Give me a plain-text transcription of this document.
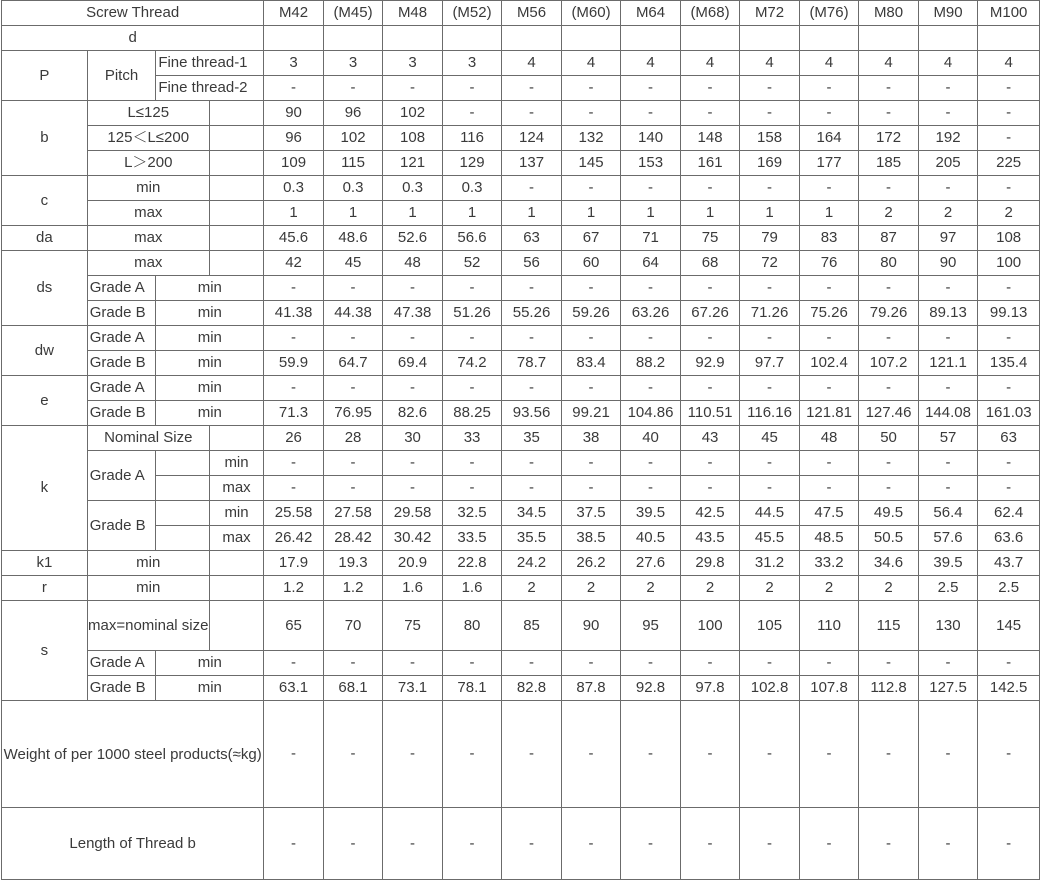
Screw Thread				M42	(M45)	M48	(M52)	M56	(M60)	M64	(M68)	M72	(M76)	M80	M90	M100
d																
P	Pitch	Fine thread-1		3	3	3	3	4	4	4	4	4	4	4	4	4
		Fine thread-2		-	-	-	-	-	-	-	-	-	-	-	-	-
b	L≤125			90	96	102	-	-	-	-	-	-	-	-	-	-
	125＜L≤200			96	102	108	116	124	132	140	148	158	164	172	192	-
	L＞200			109	115	121	129	137	145	153	161	169	177	185	205	225
c	min			0.3	0.3	0.3	0.3	-	-	-	-	-	-	-	-	-
	max			1	1	1	1	1	1	1	1	1	1	2	2	2
da	max			45.6	48.6	52.6	56.6	63	67	71	75	79	83	87	97	108
ds	max			42	45	48	52	56	60	64	68	72	76	80	90	100
	Grade A	min		-	-	-	-	-	-	-	-	-	-	-	-	-
	Grade B	min		41.38	44.38	47.38	51.26	55.26	59.26	63.26	67.26	71.26	75.26	79.26	89.13	99.13
dw	Grade A	min		-	-	-	-	-	-	-	-	-	-	-	-	-
	Grade B	min		59.9	64.7	69.4	74.2	78.7	83.4	88.2	92.9	97.7	102.4	107.2	121.1	135.4
e	Grade A	min		-	-	-	-	-	-	-	-	-	-	-	-	-
	Grade B	min		71.3	76.95	82.6	88.25	93.56	99.21	104.86	110.51	116.16	121.81	127.46	144.08	161.03
k	Nominal Size			26	28	30	33	35	38	40	43	45	48	50	57	63
	Grade A		min	-	-	-	-	-	-	-	-	-	-	-	-	-
			max	-	-	-	-	-	-	-	-	-	-	-	-	-
	Grade B		min	25.58	27.58	29.58	32.5	34.5	37.5	39.5	42.5	44.5	47.5	49.5	56.4	62.4
			max	26.42	28.42	30.42	33.5	35.5	38.5	40.5	43.5	45.5	48.5	50.5	57.6	63.6
k1	min			17.9	19.3	20.9	22.8	24.2	26.2	27.6	29.8	31.2	33.2	34.6	39.5	43.7
r	min			1.2	1.2	1.6	1.6	2	2	2	2	2	2	2	2.5	2.5
s	max=nominal size			65	70	75	80	85	90	95	100	105	110	115	130	145
	Grade A	min		-	-	-	-	-	-	-	-	-	-	-	-	-
	Grade B	min		63.1	68.1	73.1	78.1	82.8	87.8	92.8	97.8	102.8	107.8	112.8	127.5	142.5
Weight of per 1000 steel products(≈kg)				-	-	-	-	-	-	-	-	-	-	-	-	-
Length of Thread b				-	-	-	-	-	-	-	-	-	-	-	-	-
